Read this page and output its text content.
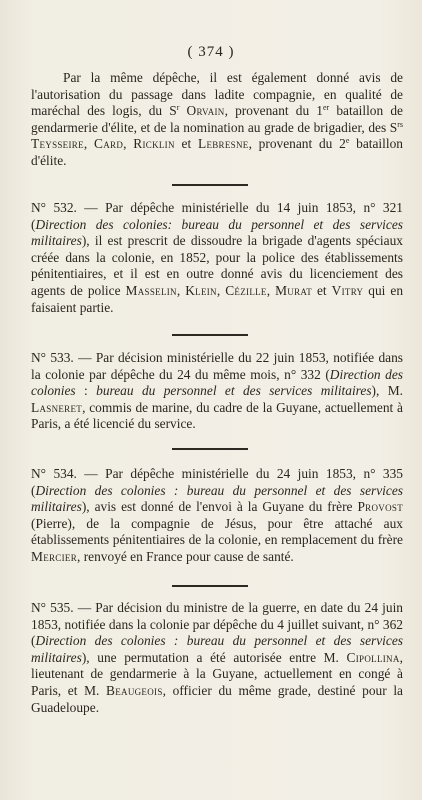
( 374 )

Par la même dépêche, il est également donné avis de l'autorisation du passage dans ladite compagnie, en qualité de maréchal des logis, du $S^r$ Orvain, provenant du 1er bataillon de gendarmerie d'élite, et de la nomination au grade de brigadier, des $S^{rs}$ Teysseire, Card, Ricklin et Lebresne, provenant du 2e bataillon d'élite.

N° 532. — Par dépêche ministérielle du 14 juin 1853, n° 321 (Direction des colonies: bureau du personnel et des services militaires), il est prescrit de dissoudre la brigade d'agents spéciaux créée dans la colonie, en 1852, pour la police des établissements pénitentiaires, et il est en outre donné avis du licenciement des agents de police Masselin, Klein, Cézille, Murat et Vitry qui en faisaient partie.

N° 533. — Par décision ministérielle du 22 juin 1853, notifiée dans la colonie par dépêche du 24 du même mois, n° 332 (Direction des colonies : bureau du personnel et des services militaires), M. Lasneret, commis de marine, du cadre de la Guyane, actuellement à Paris, a été licencié du service.

N° 534. — Par dépêche ministérielle du 24 juin 1853, n° 335 (Direction des colonies : bureau du personnel et des services militaires), avis est donné de l'envoi à la Guyane du frère Provost (Pierre), de la compagnie de Jésus, pour être attaché aux établissements pénitentiaires de la colonie, en remplacement du frère Mercier, renvoyé en France pour cause de santé.

N° 535. — Par décision du ministre de la guerre, en date du 24 juin 1853, notifiée dans la colonie par dépêche du 4 juillet suivant, n° 362 (Direction des colonies : bureau du personnel et des services militaires), une permutation a été autorisée entre M. Cipollina, lieutenant de gendarmerie à la Guyane, actuellement en congé à Paris, et M. Beaugeois, officier du même grade, destiné pour la Guadeloupe.
